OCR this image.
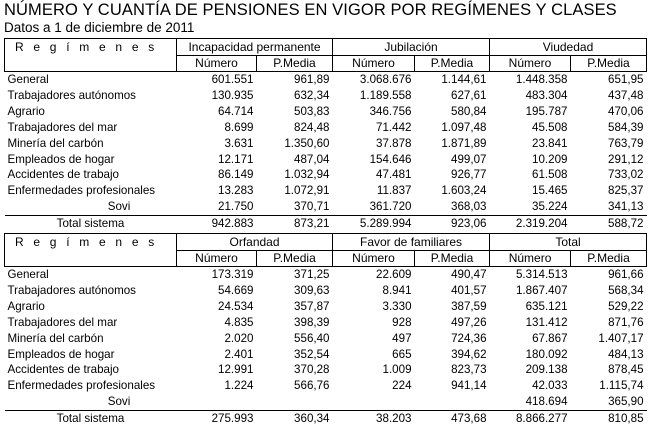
NÚMERO Y CUANTÍA DE PENSIONES EN VIGOR POR REGÍMENES Y CLASES
Datos a 1 de diciembre de 2011
R e g í m e n e s	Incapacidad permanente		Jubilación		Viudedad	
	Número	P.Media	Número	P.Media	Número	P.Media
General	601.551	961,89	3.068.676	1.144,61	1.448.358	651,95
Trabajadores autónomos	130.935	632,34	1.189.558	627,61	483.304	437,48
Agrario	64.714	503,83	346.756	580,84	195.787	470,06
Trabajadores del mar	8.699	824,48	71.442	1.097,48	45.508	584,39
Minería del carbón	3.631	1.350,60	37.878	1.871,89	23.841	763,79
Empleados de hogar	12.171	487,04	154.646	499,07	10.209	291,12
Accidentes de trabajo	86.149	1.032,94	47.481	926,77	61.508	733,02
Enfermedades profesionales	13.283	1.072,91	11.837	1.603,24	15.465	825,37
Sovi	21.750	370,71	361.720	368,03	35.224	341,13
Total sistema	942.883	873,21	5.289.994	923,06	2.319.204	588,72
R e g í m e n e s	Orfandad		Favor de familiares		Total	
	Número	P.Media	Número	P.Media	Número	P.Media
General	173.319	371,25	22.609	490,47	5.314.513	961,66
Trabajadores autónomos	54.669	309,63	8.941	401,57	1.867.407	568,34
Agrario	24.534	357,87	3.330	387,59	635.121	529,22
Trabajadores del mar	4.835	398,39	928	497,26	131.412	871,76
Minería del carbón	2.020	556,40	497	724,36	67.867	1.407,17
Empleados de hogar	2.401	352,54	665	394,62	180.092	484,13
Accidentes de trabajo	12.991	370,28	1.009	823,73	209.138	878,45
Enfermedades profesionales	1.224	566,76	224	941,14	42.033	1.115,74
Sovi					418.694	365,90
Total sistema	275.993	360,34	38.203	473,68	8.866.277	810,85
